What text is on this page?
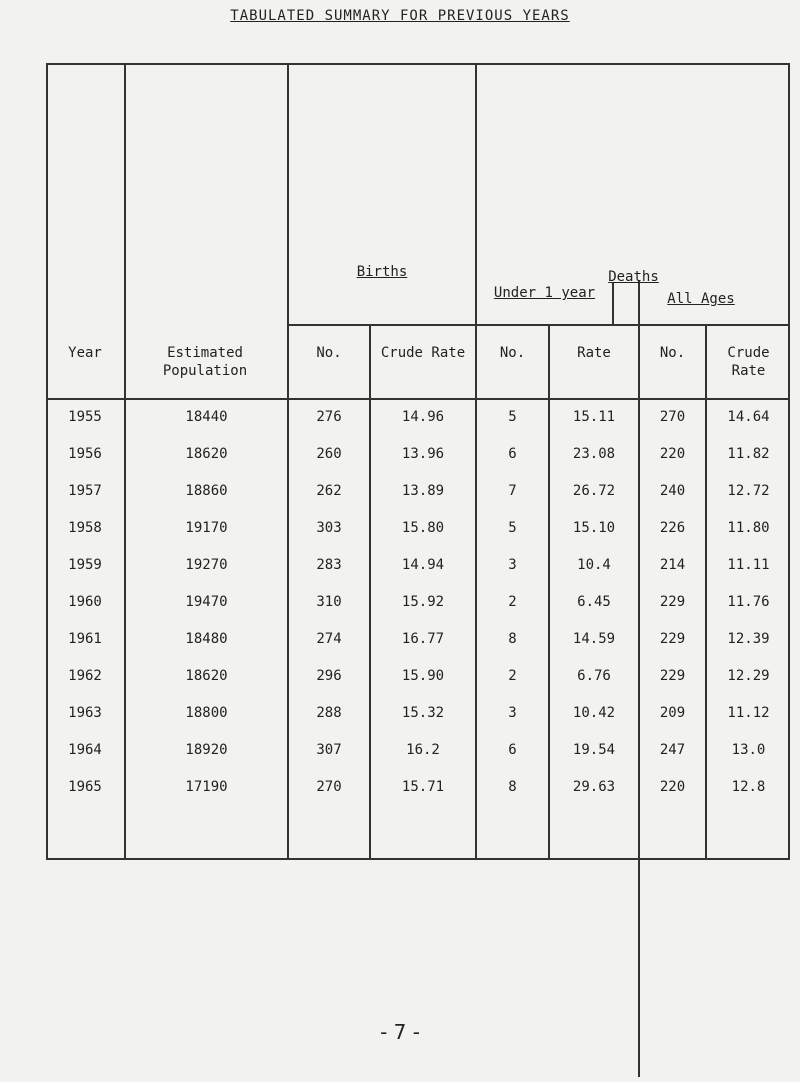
TABULATED SUMMARY FOR PREVIOUS YEARS
Births	Deaths
Under 1 year	All Ages
Year	Estimated Population
No.	Crude Rate	No.	Rate	No.	Crude Rate
1955	18440	276	14.96	5	15.11	270	14.64
1956	18620	260	13.96	6	23.08	220	11.82
1957	18860	262	13.89	7	26.72	240	12.72
1958	19170	303	15.80	5	15.10	226	11.80
1959	19270	283	14.94	3	10.4	214	11.11
1960	19470	310	15.92	2	6.45	229	11.76
1961	18480	274	16.77	8	14.59	229	12.39
1962	18620	296	15.90	2	6.76	229	12.29
1963	18800	288	15.32	3	10.42	209	11.12
1964	18920	307	16.2	6	19.54	247	13.0
1965	17190	270	15.71	8	29.63	220	12.8
- 7 -
